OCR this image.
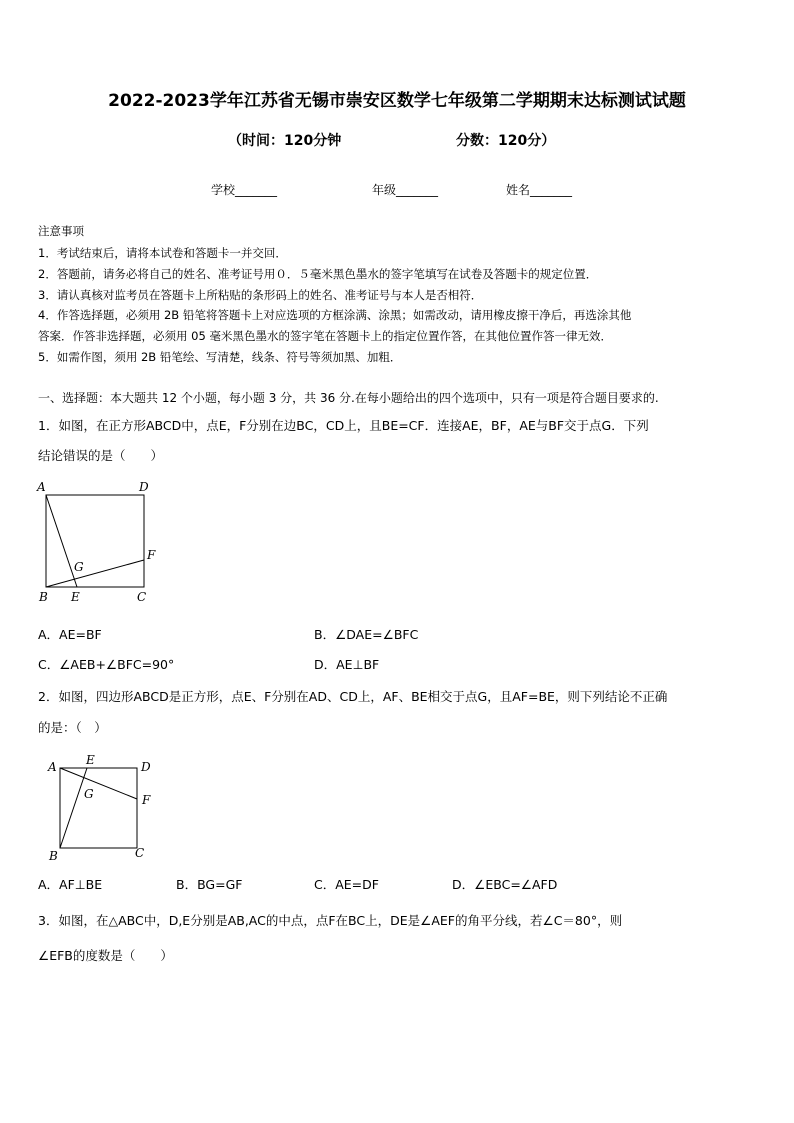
2022-2023学年江苏省无锡市崇安区数学七年级第二学期期末达标测试试题
（时间：120分钟	分数：120分）
学校_______	年级_______	姓名_______
注意事项
1．考试结束后，请将本试卷和答题卡一并交回．
2．答题前，请务必将自己的姓名、准考证号用０．５毫米黑色墨水的签字笔填写在试卷及答题卡的规定位置．
3．请认真核对监考员在答题卡上所粘贴的条形码上的姓名、准考证号与本人是否相符．
4．作答选择题，必须用 2B 铅笔将答题卡上对应选项的方框涂满、涂黑；如需改动，请用橡皮擦干净后，再选涂其他
答案．作答非选择题，必须用 05 毫米黑色墨水的签字笔在答题卡上的指定位置作答，在其他位置作答一律无效．
5．如需作图，须用 2B 铅笔绘、写清楚，线条、符号等须加黑、加粗．
一、选择题：本大题共 12 个小题，每小题 3 分，共 36 分.在每小题给出的四个选项中，只有一项是符合题目要求的.
1．如图，在正方形ABCD中，点E，F分别在边BC，CD上，且BE=CF．连接AE，BF，AE与BF交于点G．下列
结论错误的是（　　）
A	D
F
G
B E	C
A．AE=BF	B．∠DAE=∠BFC
C．∠AEB+∠BFC=90°	D．AE⊥BF
2．如图，四边形ABCD是正方形，点E、F分别在AD、CD上，AF、BE相交于点G，且AF=BE，则下列结论不正确
的是：（　）
A E	D
G	F
B	C
A．AF⊥BE	B．BG=GF	C．AE=DF	D．∠EBC=∠AFD
3．如图，在△ABC中，D,E分别是AB,AC的中点，点F在BC上，DE是∠AEF的角平分线，若∠C＝80°，则
∠EFB的度数是（　　）
